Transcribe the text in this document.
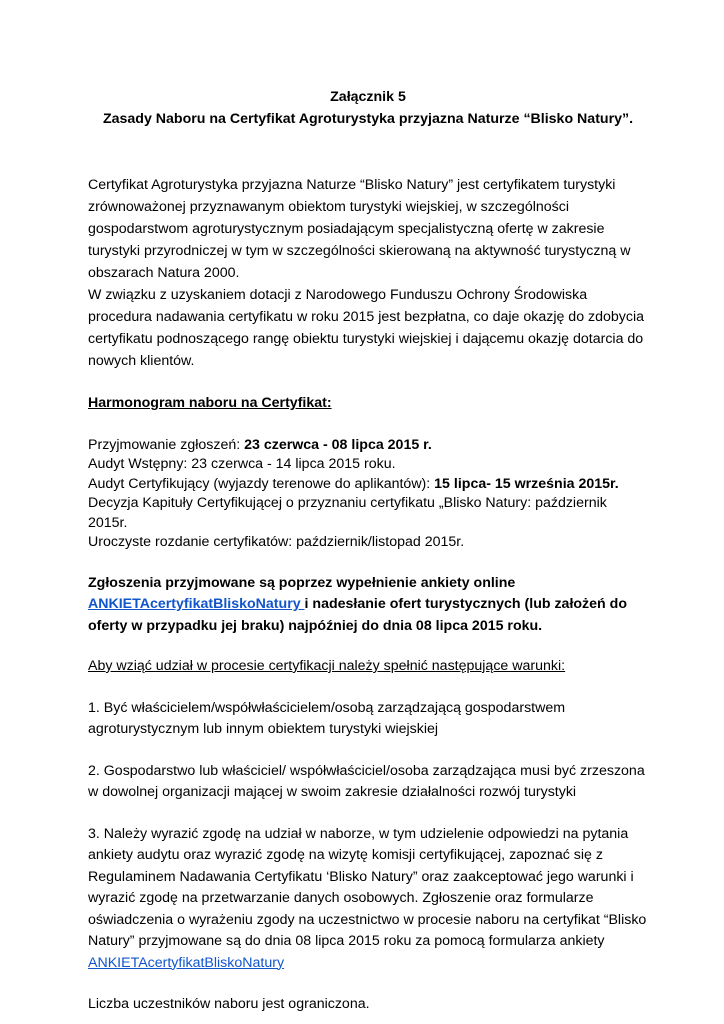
Załącznik 5
Zasady Naboru na Certyfikat Agroturystyka przyjazna Naturze “Blisko Natury”.

Certyfikat Agroturystyka przyjazna Naturze “Blisko Natury” jest certyfikatem turystyki zrównoważonej przyznawanym obiektom turystyki wiejskiej, w szczególności gospodarstwom agroturystycznym posiadającym specjalistyczną ofertę w zakresie turystyki przyrodniczej w tym w szczególności skierowaną na aktywność turystyczną w obszarach Natura 2000.

W związku z uzyskaniem dotacji z Narodowego Funduszu Ochrony Środowiska procedura nadawania certyfikatu w roku 2015 jest bezpłatna, co daje okazję do zdobycia certyfikatu podnoszącego rangę obiektu turystyki wiejskiej i dającemu okazję dotarcia do nowych klientów.

Harmonogram naboru na Certyfikat:

Przyjmowanie zgłoszeń: 23 czerwca - 08 lipca 2015 r.
Audyt Wstępny: 23 czerwca - 14 lipca 2015 roku.
Audyt Certyfikujący (wyjazdy terenowe do aplikantów): 15 lipca- 15 września 2015r.
Decyzja Kapituły Certyfikującej o przyznaniu certyfikatu „Blisko Natury: październik 2015r.
Uroczyste rozdanie certyfikatów: październik/listopad 2015r.

Zgłoszenia przyjmowane są poprzez wypełnienie ankiety online
ANKIETAcertyfikatBliskoNatury i nadesłanie ofert turystycznych (lub założeń do oferty w przypadku jej braku) najpóźniej do dnia 08 lipca 2015 roku.

Aby wziąć udział w procesie certyfikacji należy spełnić następujące warunki:

1. Być właścicielem/współwłaścicielem/osobą zarządzającą gospodarstwem agroturystycznym lub innym obiektem turystyki wiejskiej

2. Gospodarstwo lub właściciel/ współwłaściciel/osoba zarządzająca musi być zrzeszona w dowolnej organizacji mającej w swoim zakresie działalności rozwój turystyki

3. Należy wyrazić zgodę na udział w naborze, w tym udzielenie odpowiedzi na pytania ankiety audytu oraz wyrazić zgodę na wizytę komisji certyfikującej, zapoznać się z Regulaminem Nadawania Certyfikatu ‘Blisko Natury” oraz zaakceptować jego warunki i wyrazić zgodę na przetwarzanie danych osobowych. Zgłoszenie oraz formularze oświadczenia o wyrażeniu zgody na uczestnictwo w procesie naboru na certyfikat “Blisko Natury” przyjmowane są do dnia 08 lipca 2015 roku za pomocą formularza ankiety
ANKIETAcertyfikatBliskoNatury

Liczba uczestników naboru jest ograniczona.
